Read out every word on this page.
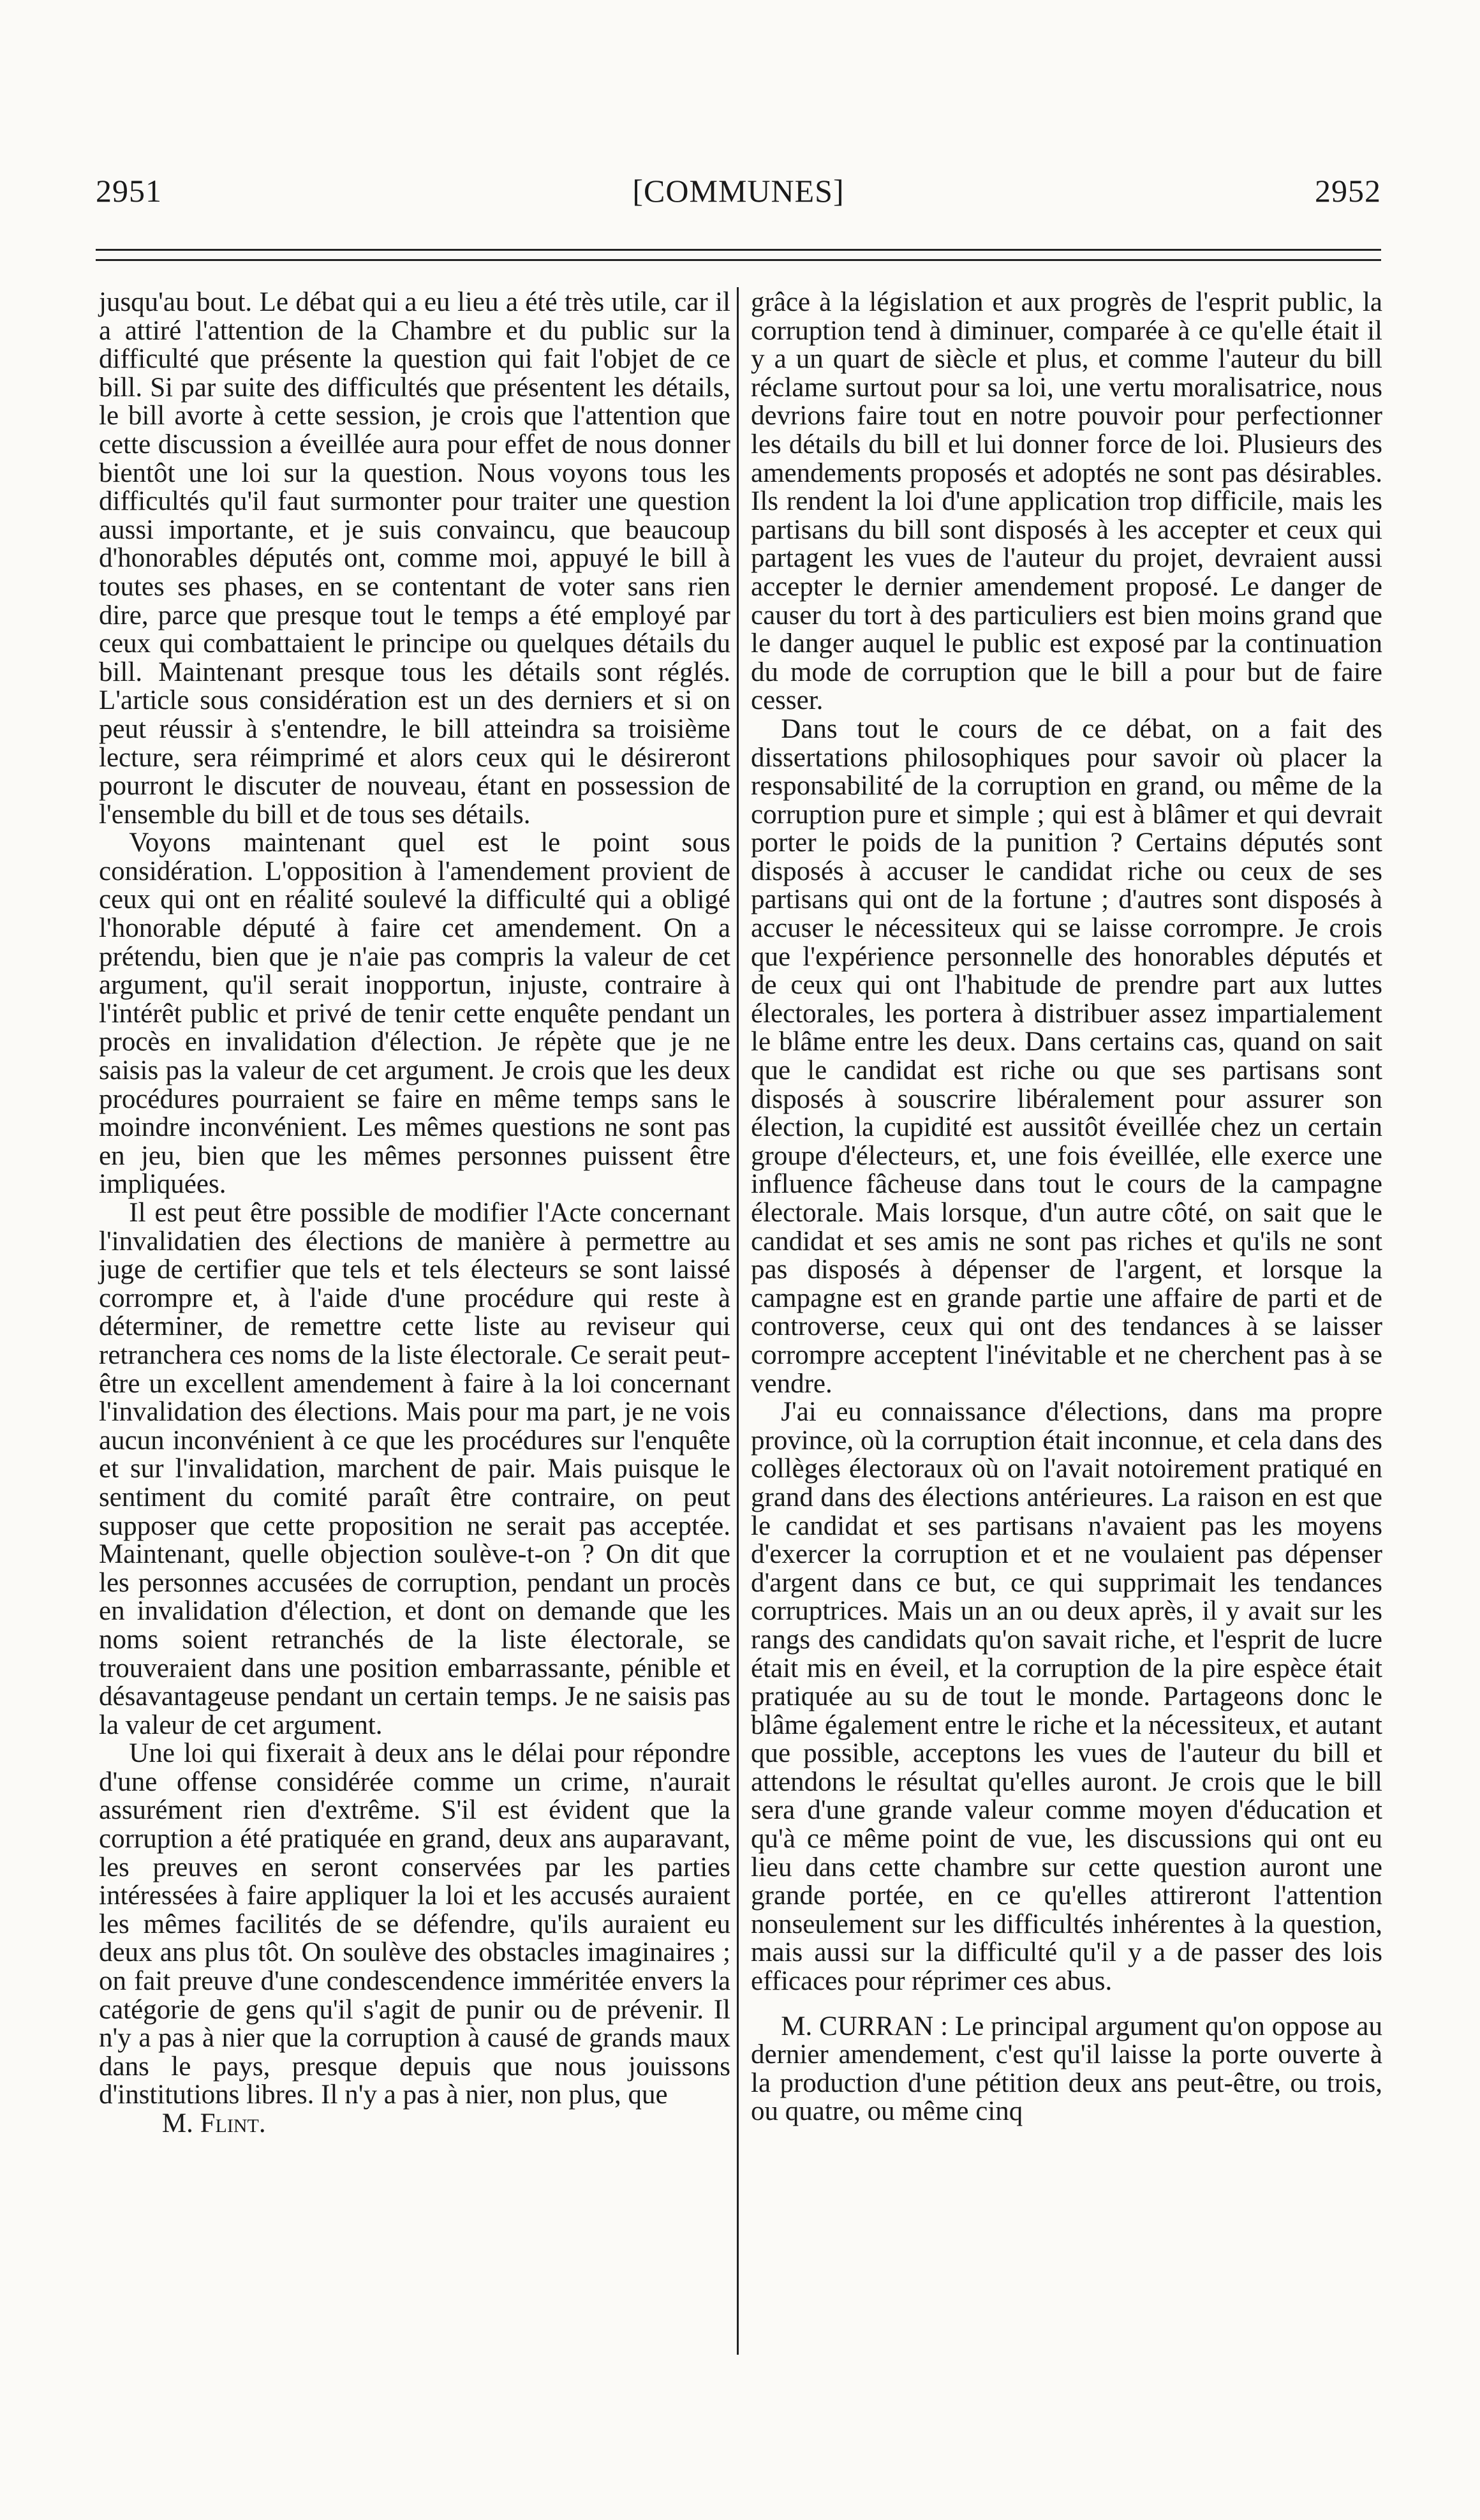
2951	[COMMUNES]	2952

jusqu'au bout. Le débat qui a eu lieu a été très utile, car il a attiré l'attention de la Chambre et du public sur la difficulté que présente la question qui fait l'objet de ce bill. Si par suite des difficultés que présentent les détails, le bill avorte à cette session, je crois que l'attention que cette discussion a éveillée aura pour effet de nous donner bientôt une loi sur la question. Nous voyons tous les difficultés qu'il faut surmonter pour traiter une question aussi importante, et je suis convaincu, que beaucoup d'honorables députés ont, comme moi, appuyé le bill à toutes ses phases, en se contentant de voter sans rien dire, parce que presque tout le temps a été employé par ceux qui combattaient le principe ou quelques détails du bill. Maintenant presque tous les détails sont réglés. L'article sous considération est un des derniers et si on peut réussir à s'entendre, le bill atteindra sa troisième lecture, sera réimprimé et alors ceux qui le désireront pourront le discuter de nouveau, étant en possession de l'ensemble du bill et de tous ses détails.

Voyons maintenant quel est le point sous considération. L'opposition à l'amendement provient de ceux qui ont en réalité soulevé la difficulté qui a obligé l'honorable député à faire cet amendement. On a prétendu, bien que je n'aie pas compris la valeur de cet argument, qu'il serait inopportun, injuste, contraire à l'intérêt public et privé de tenir cette enquête pendant un procès en invalidation d'élection. Je répète que je ne saisis pas la valeur de cet argument. Je crois que les deux procédures pourraient se faire en même temps sans le moindre inconvénient. Les mêmes questions ne sont pas en jeu, bien que les mêmes personnes puissent être impliquées.

Il est peut être possible de modifier l'Acte concernant l'invalidatien des élections de manière à permettre au juge de certifier que tels et tels électeurs se sont laissé corrompre et, à l'aide d'une procédure qui reste à déterminer, de remettre cette liste au reviseur qui retranchera ces noms de la liste électorale. Ce serait peut-être un excellent amendement à faire à la loi concernant l'invalidation des élections. Mais pour ma part, je ne vois aucun inconvénient à ce que les procédures sur l'enquête et sur l'invalidation, marchent de pair. Mais puisque le sentiment du comité paraît être contraire, on peut supposer que cette proposition ne serait pas acceptée. Maintenant, quelle objection soulève-t-on ? On dit que les personnes accusées de corruption, pendant un procès en invalidation d'élection, et dont on demande que les noms soient retranchés de la liste électorale, se trouveraient dans une position embarrassante, pénible et désavantageuse pendant un certain temps. Je ne saisis pas la valeur de cet argument.

Une loi qui fixerait à deux ans le délai pour répondre d'une offense considérée comme un crime, n'aurait assurément rien d'extrême. S'il est évident que la corruption a été pratiquée en grand, deux ans auparavant, les preuves en seront conservées par les parties intéressées à faire appliquer la loi et les accusés auraient les mêmes facilités de se défendre, qu'ils auraient eu deux ans plus tôt. On soulève des obstacles imaginaires ; on fait preuve d'une condescendence imméritée envers la catégorie de gens qu'il s'agit de punir ou de prévenir. Il n'y a pas à nier que la corruption à causé de grands maux dans le pays, presque depuis que nous jouissons d'institutions libres. Il n'y a pas à nier, non plus, que

M. Flint.

grâce à la législation et aux progrès de l'esprit public, la corruption tend à diminuer, comparée à ce qu'elle était il y a un quart de siècle et plus, et comme l'auteur du bill réclame surtout pour sa loi, une vertu moralisatrice, nous devrions faire tout en notre pouvoir pour perfectionner les détails du bill et lui donner force de loi. Plusieurs des amendements proposés et adoptés ne sont pas désirables. Ils rendent la loi d'une application trop difficile, mais les partisans du bill sont disposés à les accepter et ceux qui partagent les vues de l'auteur du projet, devraient aussi accepter le dernier amendement proposé. Le danger de causer du tort à des particuliers est bien moins grand que le danger auquel le public est exposé par la continuation du mode de corruption que le bill a pour but de faire cesser.

Dans tout le cours de ce débat, on a fait des dissertations philosophiques pour savoir où placer la responsabilité de la corruption en grand, ou même de la corruption pure et simple ; qui est à blâmer et qui devrait porter le poids de la punition ? Certains députés sont disposés à accuser le candidat riche ou ceux de ses partisans qui ont de la fortune ; d'autres sont disposés à accuser le nécessiteux qui se laisse corrompre. Je crois que l'expérience personnelle des honorables députés et de ceux qui ont l'habitude de prendre part aux luttes électorales, les portera à distribuer assez impartialement le blâme entre les deux. Dans certains cas, quand on sait que le candidat est riche ou que ses partisans sont disposés à souscrire libéralement pour assurer son élection, la cupidité est aussitôt éveillée chez un certain groupe d'électeurs, et, une fois éveillée, elle exerce une influence fâcheuse dans tout le cours de la campagne électorale. Mais lorsque, d'un autre côté, on sait que le candidat et ses amis ne sont pas riches et qu'ils ne sont pas disposés à dépenser de l'argent, et lorsque la campagne est en grande partie une affaire de parti et de controverse, ceux qui ont des tendances à se laisser corrompre acceptent l'inévitable et ne cherchent pas à se vendre.

J'ai eu connaissance d'élections, dans ma propre province, où la corruption était inconnue, et cela dans des collèges électoraux où on l'avait notoirement pratiqué en grand dans des élections antérieures. La raison en est que le candidat et ses partisans n'avaient pas les moyens d'exercer la corruption et et ne voulaient pas dépenser d'argent dans ce but, ce qui supprimait les tendances corruptrices. Mais un an ou deux après, il y avait sur les rangs des candidats qu'on savait riche, et l'esprit de lucre était mis en éveil, et la corruption de la pire espèce était pratiquée au su de tout le monde. Partageons donc le blâme également entre le riche et la nécessiteux, et autant que possible, acceptons les vues de l'auteur du bill et attendons le résultat qu'elles auront. Je crois que le bill sera d'une grande valeur comme moyen d'éducation et qu'à ce même point de vue, les discussions qui ont eu lieu dans cette chambre sur cette question auront une grande portée, en ce qu'elles attireront l'attention nonseulement sur les difficultés inhérentes à la question, mais aussi sur la difficulté qu'il y a de passer des lois efficaces pour réprimer ces abus.

M. CURRAN : Le principal argument qu'on oppose au dernier amendement, c'est qu'il laisse la porte ouverte à la production d'une pétition deux ans peut-être, ou trois, ou quatre, ou même cinq
